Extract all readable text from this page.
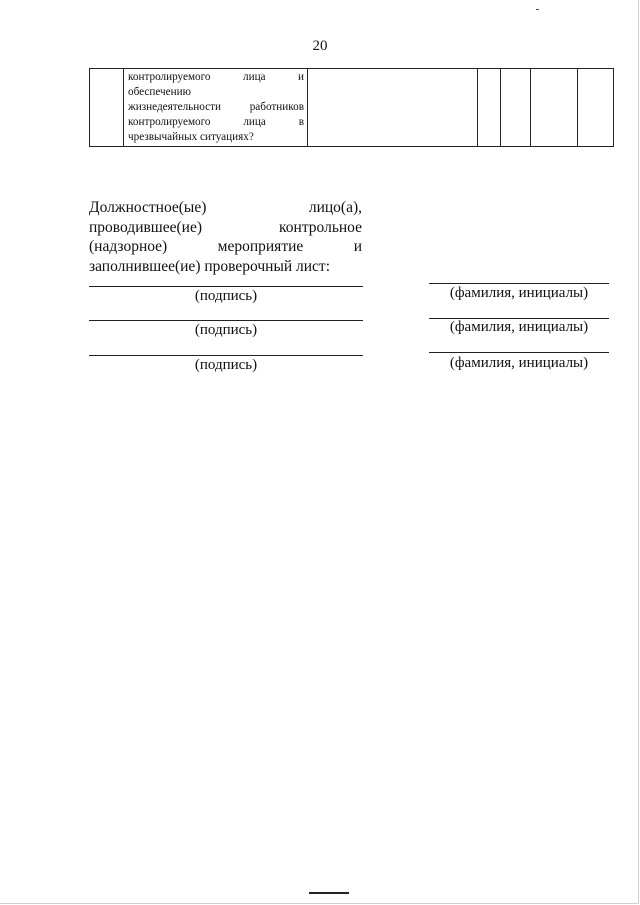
20

контролируемого лица и
обеспечению
жизнедеятельности работников
контролируемого лица в
чрезвычайных ситуациях?

Должностное(ые) лицо(а),
проводившее(ие) контрольное
(надзорное) мероприятие и
заполнившее(ие) проверочный лист:
(подпись)	(фамилия, инициалы)
(подпись)	(фамилия, инициалы)
(подпись)	(фамилия, инициалы)
